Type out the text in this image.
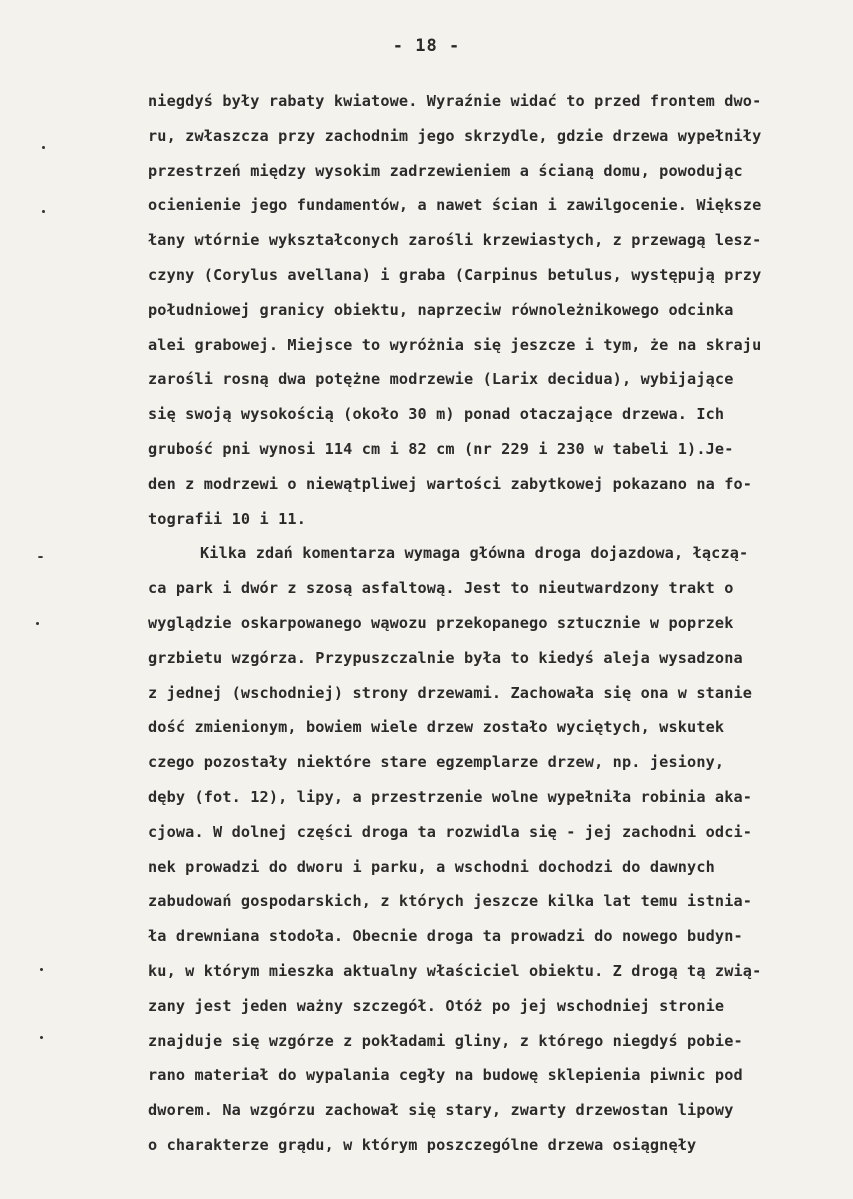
- 18 -
niegdyś były rabaty kwiatowe. Wyraźnie widać to przed frontem dwo-
ru, zwłaszcza przy zachodnim jego skrzydle, gdzie drzewa wypełniły
przestrzeń między wysokim zadrzewieniem a ścianą domu, powodując
ocienienie jego fundamentów, a nawet ścian i zawilgocenie. Większe
łany wtórnie wykształconych zarośli krzewiastych, z przewagą lesz-
czyny (Corylus avellana) i graba (Carpinus betulus, występują przy
południowej granicy obiektu, naprzeciw równoleżnikowego odcinka
alei grabowej. Miejsce to wyróżnia się jeszcze i tym, że na skraju
zarośli rosną dwa potężne modrzewie (Larix decidua), wybijające
się swoją wysokością (około 30 m) ponad otaczające drzewa. Ich
grubość pni wynosi 114 cm i 82 cm (nr 229 i 230 w tabeli 1).Je-
den z modrzewi o niewątpliwej wartości zabytkowej pokazano na fo-
tografii 10 i 11.
Kilka zdań komentarza wymaga główna droga dojazdowa, łączą-
ca park i dwór z szosą asfaltową. Jest to nieutwardzony trakt o
wyglądzie oskarpowanego wąwozu przekopanego sztucznie w poprzek
grzbietu wzgórza. Przypuszczalnie była to kiedyś aleja wysadzona
z jednej (wschodniej) strony drzewami. Zachowała się ona w stanie
dość zmienionym, bowiem wiele drzew zostało wyciętych, wskutek
czego pozostały niektóre stare egzemplarze drzew, np. jesiony,
dęby (fot. 12), lipy, a przestrzenie wolne wypełniła robinia aka-
cjowa. W dolnej części droga ta rozwidla się - jej zachodni odci-
nek prowadzi do dworu i parku, a wschodni dochodzi do dawnych
zabudowań gospodarskich, z których jeszcze kilka lat temu istnia-
ła drewniana stodoła. Obecnie droga ta prowadzi do nowego budyn-
ku, w którym mieszka aktualny właściciel obiektu. Z drogą tą zwią-
zany jest jeden ważny szczegół. Otóż po jej wschodniej stronie
znajduje się wzgórze z pokładami gliny, z którego niegdyś pobie-
rano materiał do wypalania cegły na budowę sklepienia piwnic pod
dworem. Na wzgórzu zachował się stary, zwarty drzewostan lipowy
o charakterze grądu, w którym poszczególne drzewa osiągnęły
